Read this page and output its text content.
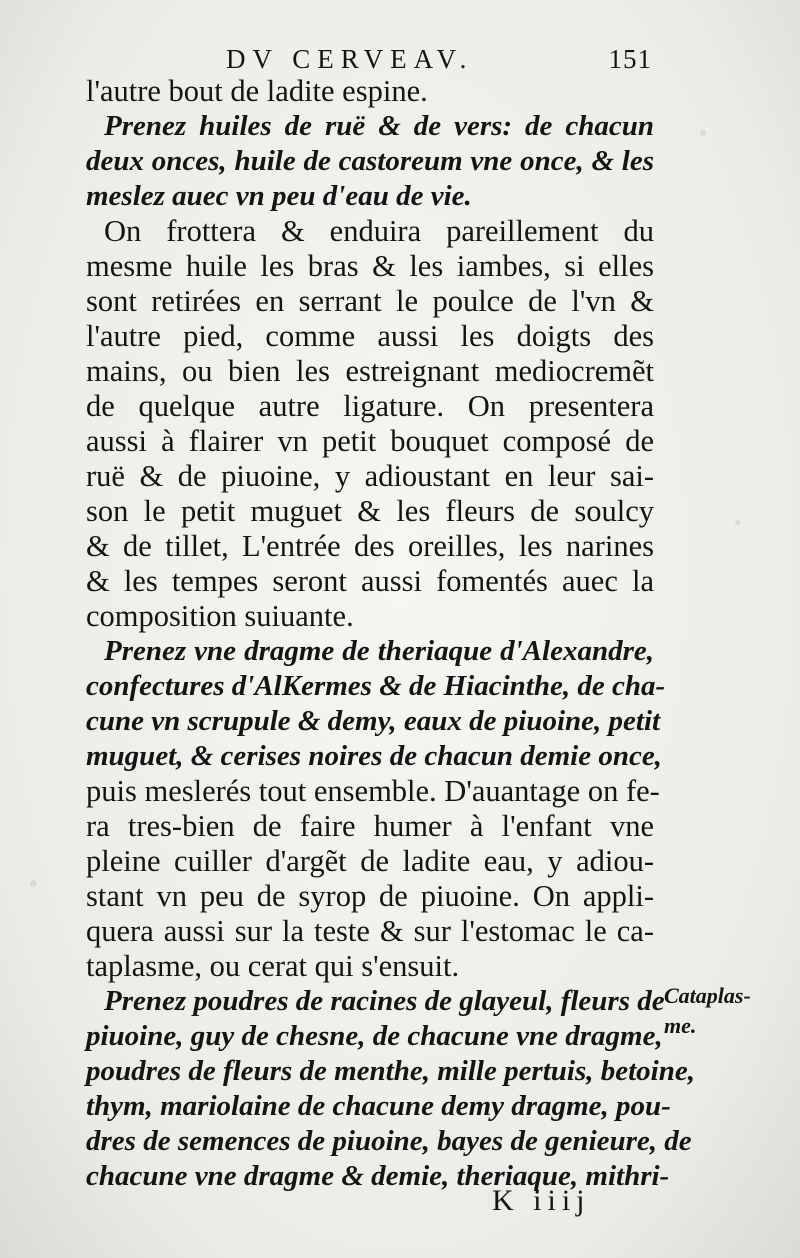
DV CERVEAV.	151
l'autre bout de ladite espine.
Prenez huiles de ruë & de vers: de chacun
deux onces, huile de castoreum vne once, & les
meslez auec vn peu d'eau de vie.
On frottera & enduira pareillement du
mesme huile les bras & les iambes, si elles
sont retirées en serrant le poulce de l'vn &
l'autre pied, comme aussi les doigts des
mains, ou bien les estreignant mediocremẽt
de quelque autre ligature. On presentera
aussi à flairer vn petit bouquet composé de
ruë & de piuoine, y adioustant en leur sai-
son le petit muguet & les fleurs de soulcy
& de tillet, L'entrée des oreilles, les narines
& les tempes seront aussi fomentés auec la
composition suiuante.
Prenez vne dragme de theriaque d'Alexandre,
confectures d'AlKermes & de Hiacinthe, de cha-
cune vn scrupule & demy, eaux de piuoine, petit
muguet, & cerises noires de chacun demie once,
puis meslerés tout ensemble. D'auantage on fe-
ra tres-bien de faire humer à l'enfant vne
pleine cuiller d'argẽt de ladite eau, y adiou-
stant vn peu de syrop de piuoine. On appli-
quera aussi sur la teste & sur l'estomac le ca-
taplasme, ou cerat qui s'ensuit.
Prenez poudres de racines de glayeul, fleurs de
piuoine, guy de chesne, de chacune vne dragme,
poudres de fleurs de menthe, mille pertuis, betoine,
thym, mariolaine de chacune demy dragme, pou-
dres de semences de piuoine, bayes de genieure, de
chacune vne dragme & demie, theriaque, mithri-
Cataplas-
me.
K iiij
